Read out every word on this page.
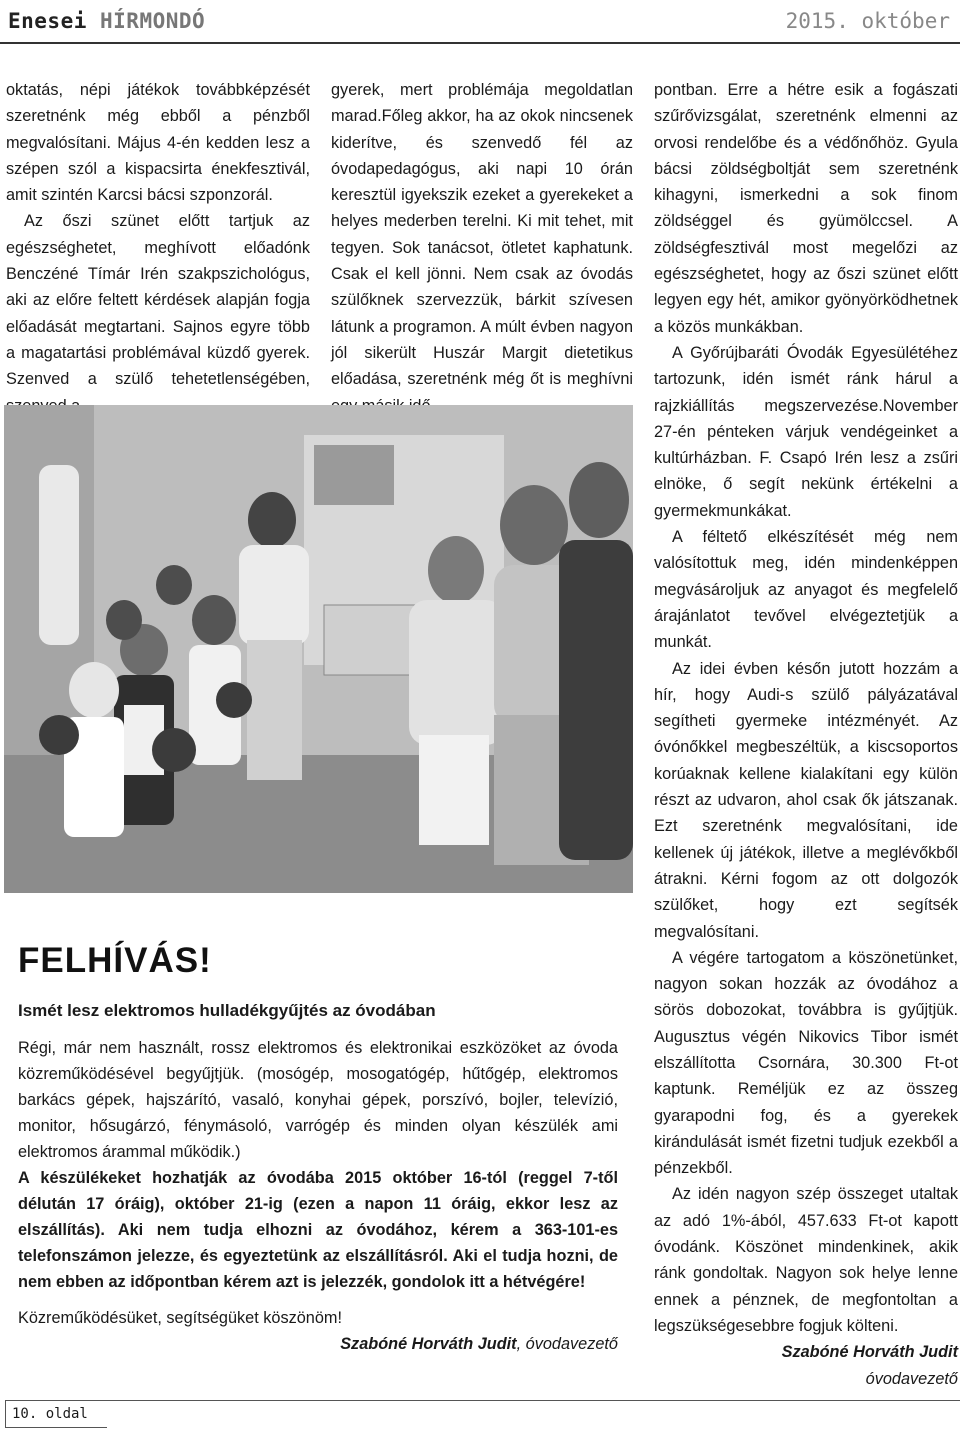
Enesei HÍRMONDÓ	2015. október

oktatás, népi játékok továbbképzését szeretnénk még ebből a pénzből megvalósítani. Május 4-én kedden lesz a szépen szól a kispacsirta énekfesztivál, amit szintén Karcsi bácsi szponzorál.

Az őszi szünet előtt tartjuk az egészséghetet, meghívott előadónk Benczéné Tímár Irén szakpszichológus, aki az előre feltett kérdések alapján fogja előadását megtartani. Sajnos egyre több a magatartási problémával küzdő gyerek. Szenved a szülő tehetetlenségében,

gyerek, mert problémája megoldatlan marad.Főleg akkor, ha az okok nincsenek kiderítve, és szenvedő fél az óvodapedagógus, aki napi 10 órán keresztül igyekszik ezeket a gyerekeket a helyes mederben terelni. Ki mit tehet, mit tegyen. Sok tanácsot, ötletet kaphatunk. Csak el kell jönni. Nem csak az óvodás szülőknek szervezzük, bárkit szívesen látunk a programon. A múlt évben nagyon jól sikerült Huszár Margit dietetikus előadása, szeretnénk még őt is meghívni

pontban. Erre a hétre esik a fogászati szűrővizsgálat, szeretnénk elmenni az orvosi rendelőbe és a védőnőhöz. Gyula bácsi zöldségboltját sem szeretnénk kihagyni, ismerkedni a sok finom zöldséggel és gyümölccsel. A zöldségfesztivál most megelőzi az egészséghetet, hogy az őszi szünet előtt legyen egy hét, amikor gyönyörködhetnek a közös munkákban.

A Győrújbaráti Óvodák Egyesülétéhez tartozunk, idén ismét ránk hárul a rajzkiállítás megszervezése.November 27-én pénteken várjuk vendégeinket a kultúrházban. F. Csapó Irén lesz a zsűri elnöke, ő segít nekünk értékelni a gyermekmunkákat.

A féltető elkészítését még nem valósítottuk meg, idén mindenképpen megvásároljuk az anyagot és megfelelő árajánlatot tevővel elvégeztetjük a munkát.

Az idei évben későn jutott hozzám a hír, hogy Audi-s szülő pályázatával segítheti gyermeke intézményét. Az óvónőkkel megbeszéltük, a kiscsoportos korúaknak kellene kialakítani egy külön részt az udvaron, ahol csak ők játszanak. Ezt szeretnénk megvalósítani, ide kellenek új játékok, illetve a meglévőkből átrakni. Kérni fogom az ott dolgozók szülőket, hogy ezt segítsék megvalósítani.

A végére tartogatom a köszönetünket, nagyon sokan hozzák az óvodához a sörös dobozokat, továbbra is gyűjtjük. Augusztus végén Nikovics Tibor ismét elszállította Csornára, 30.300 Ft-ot kaptunk. Reméljük ez az összeg gyarapodni fog, és a gyerekek kirándulását ismét fizetni tudjuk ezekből a pénzekből.

Az idén nagyon szép összeget utaltak az adó 1%-ából, 457.633 Ft-ot kapott óvodánk. Köszönet mindenkinek, akik ránk gondoltak. Nagyon sok helye lenne ennek a pénznek, de megfontoltan a legszükségesebbre fogjuk költeni.

Szabóné Horváth Judit

óvodavezető

FELHÍVÁS!
Ismét lesz elektromos hulladékgyűjtés az óvodában

Régi, már nem használt, rossz elektromos és elektronikai eszközöket az óvoda közreműködésével begyűjtjük. (mosógép, mosogatógép, hűtőgép, elektromos barkács gépek, hajszárító, vasaló, konyhai gépek, porszívó, bojler, televízió, monitor, hősugárzó, fénymásoló, varrógép és minden olyan készülék ami elektromos árammal működik.)

A készülékeket hozhatják az óvodába 2015 október 16-tól (reggel 7-től délután 17 óráig), október 21-ig (ezen a napon 11 óráig, ekkor lesz az elszállítás). Aki nem tudja elhozni az óvodához, kérem a 363-101-es telefonszámon jelezze, és egyeztetünk az elszállításról. Aki el tudja hozni, de nem ebben az időpontban kérem azt is jelezzék, gondolok itt a hétvégére!

Közreműködésüket, segítségüket köszönöm!

Szabóné Horváth Judit, óvodavezető

10. oldal
